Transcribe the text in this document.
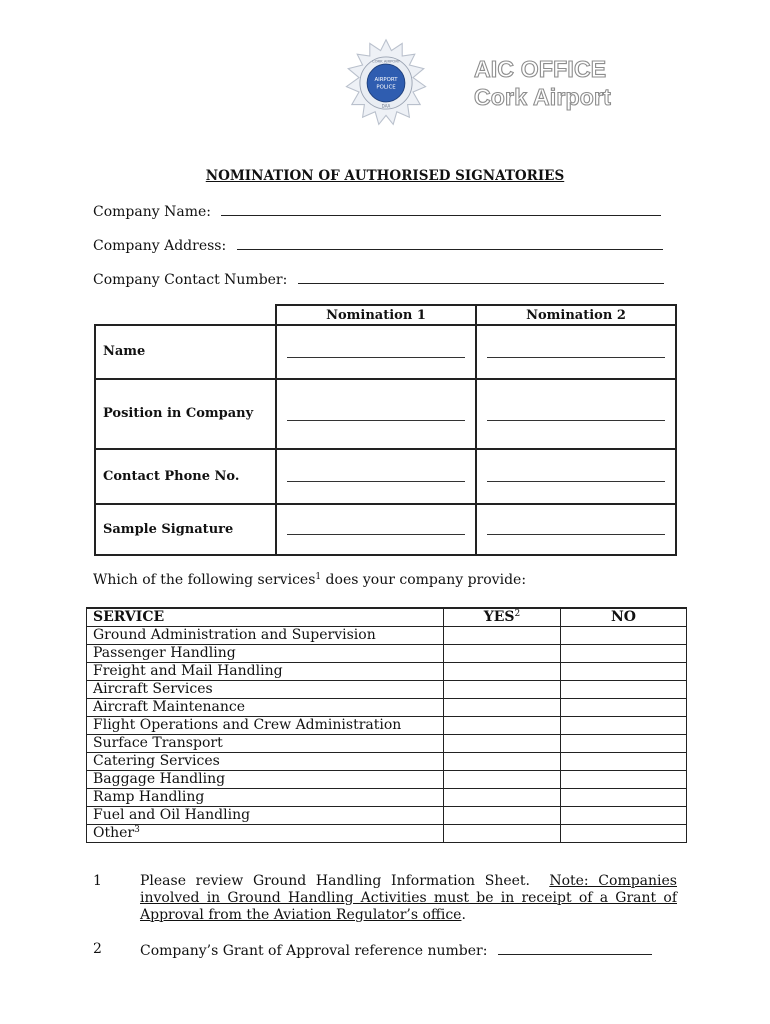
AIRPORT
POLICE
CORK AIRPORT
DAA
AIC OFFICE
Cork Airport
NOMINATION OF AUTHORISED SIGNATORIES
Company Name:
Company Address:
Company Contact Number:
	Nomination 1	Nomination 2
Name		
Position in Company		
Contact Phone No.		
Sample Signature		
Which of the following services$^1$ does your company provide:
SERVICE	YES$^2$	NO
Ground Administration and Supervision		
Passenger Handling		
Freight and Mail Handling		
Aircraft Services		
Aircraft Maintenance		
Flight Operations and Crew Administration		
Surface Transport		
Catering Services		
Baggage Handling		
Ramp Handling		
Fuel and Oil Handling		
Other$^3$		
1	Please review Ground Handling Information Sheet. Note: Companies involved in Ground Handling Activities must be in receipt of a Grant of Approval from the Aviation Regulator’s office.
2	Company’s Grant of Approval reference number:
